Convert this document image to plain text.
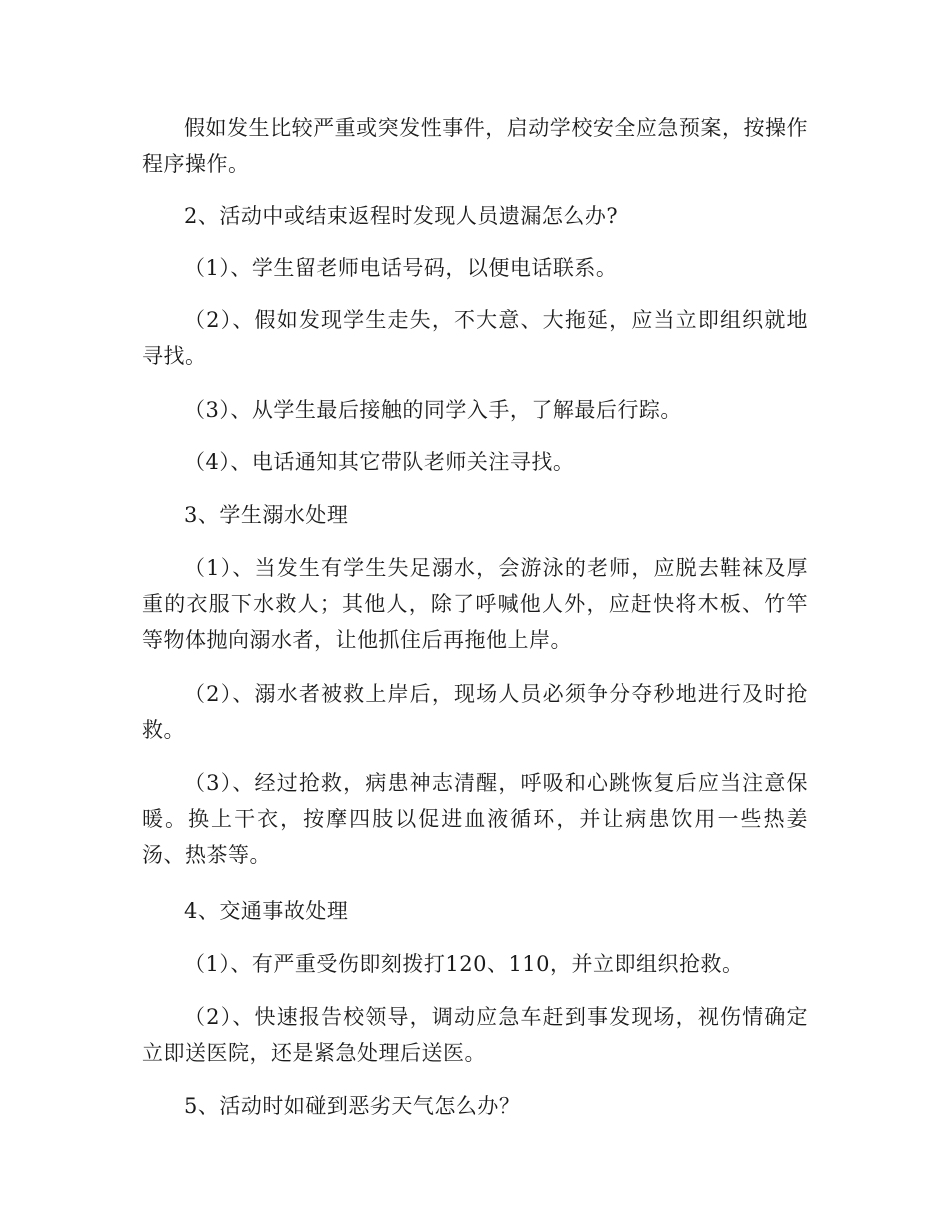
假如发生比较严重或突发性事件，启动学校安全应急预案，按操作程序操作。

2、活动中或结束返程时发现人员遗漏怎么办?

（1）、学生留老师电话号码，以便电话联系。

（2）、假如发现学生走失，不大意、大拖延，应当立即组织就地寻找。

（3）、从学生最后接触的同学入手，了解最后行踪。

（4）、电话通知其它带队老师关注寻找。

3、学生溺水处理

（1）、当发生有学生失足溺水，会游泳的老师，应脱去鞋袜及厚重的衣服下水救人；其他人，除了呼喊他人外，应赶快将木板、竹竿等物体抛向溺水者，让他抓住后再拖他上岸。

（2）、溺水者被救上岸后，现场人员必须争分夺秒地进行及时抢救。

（3）、经过抢救，病患神志清醒，呼吸和心跳恢复后应当注意保暖。换上干衣，按摩四肢以促进血液循环，并让病患饮用一些热姜汤、热茶等。

4、交通事故处理

（1）、有严重受伤即刻拨打120、110，并立即组织抢救。

（2）、快速报告校领导，调动应急车赶到事发现场，视伤情确定立即送医院，还是紧急处理后送医。

5、活动时如碰到恶劣天气怎么办？
